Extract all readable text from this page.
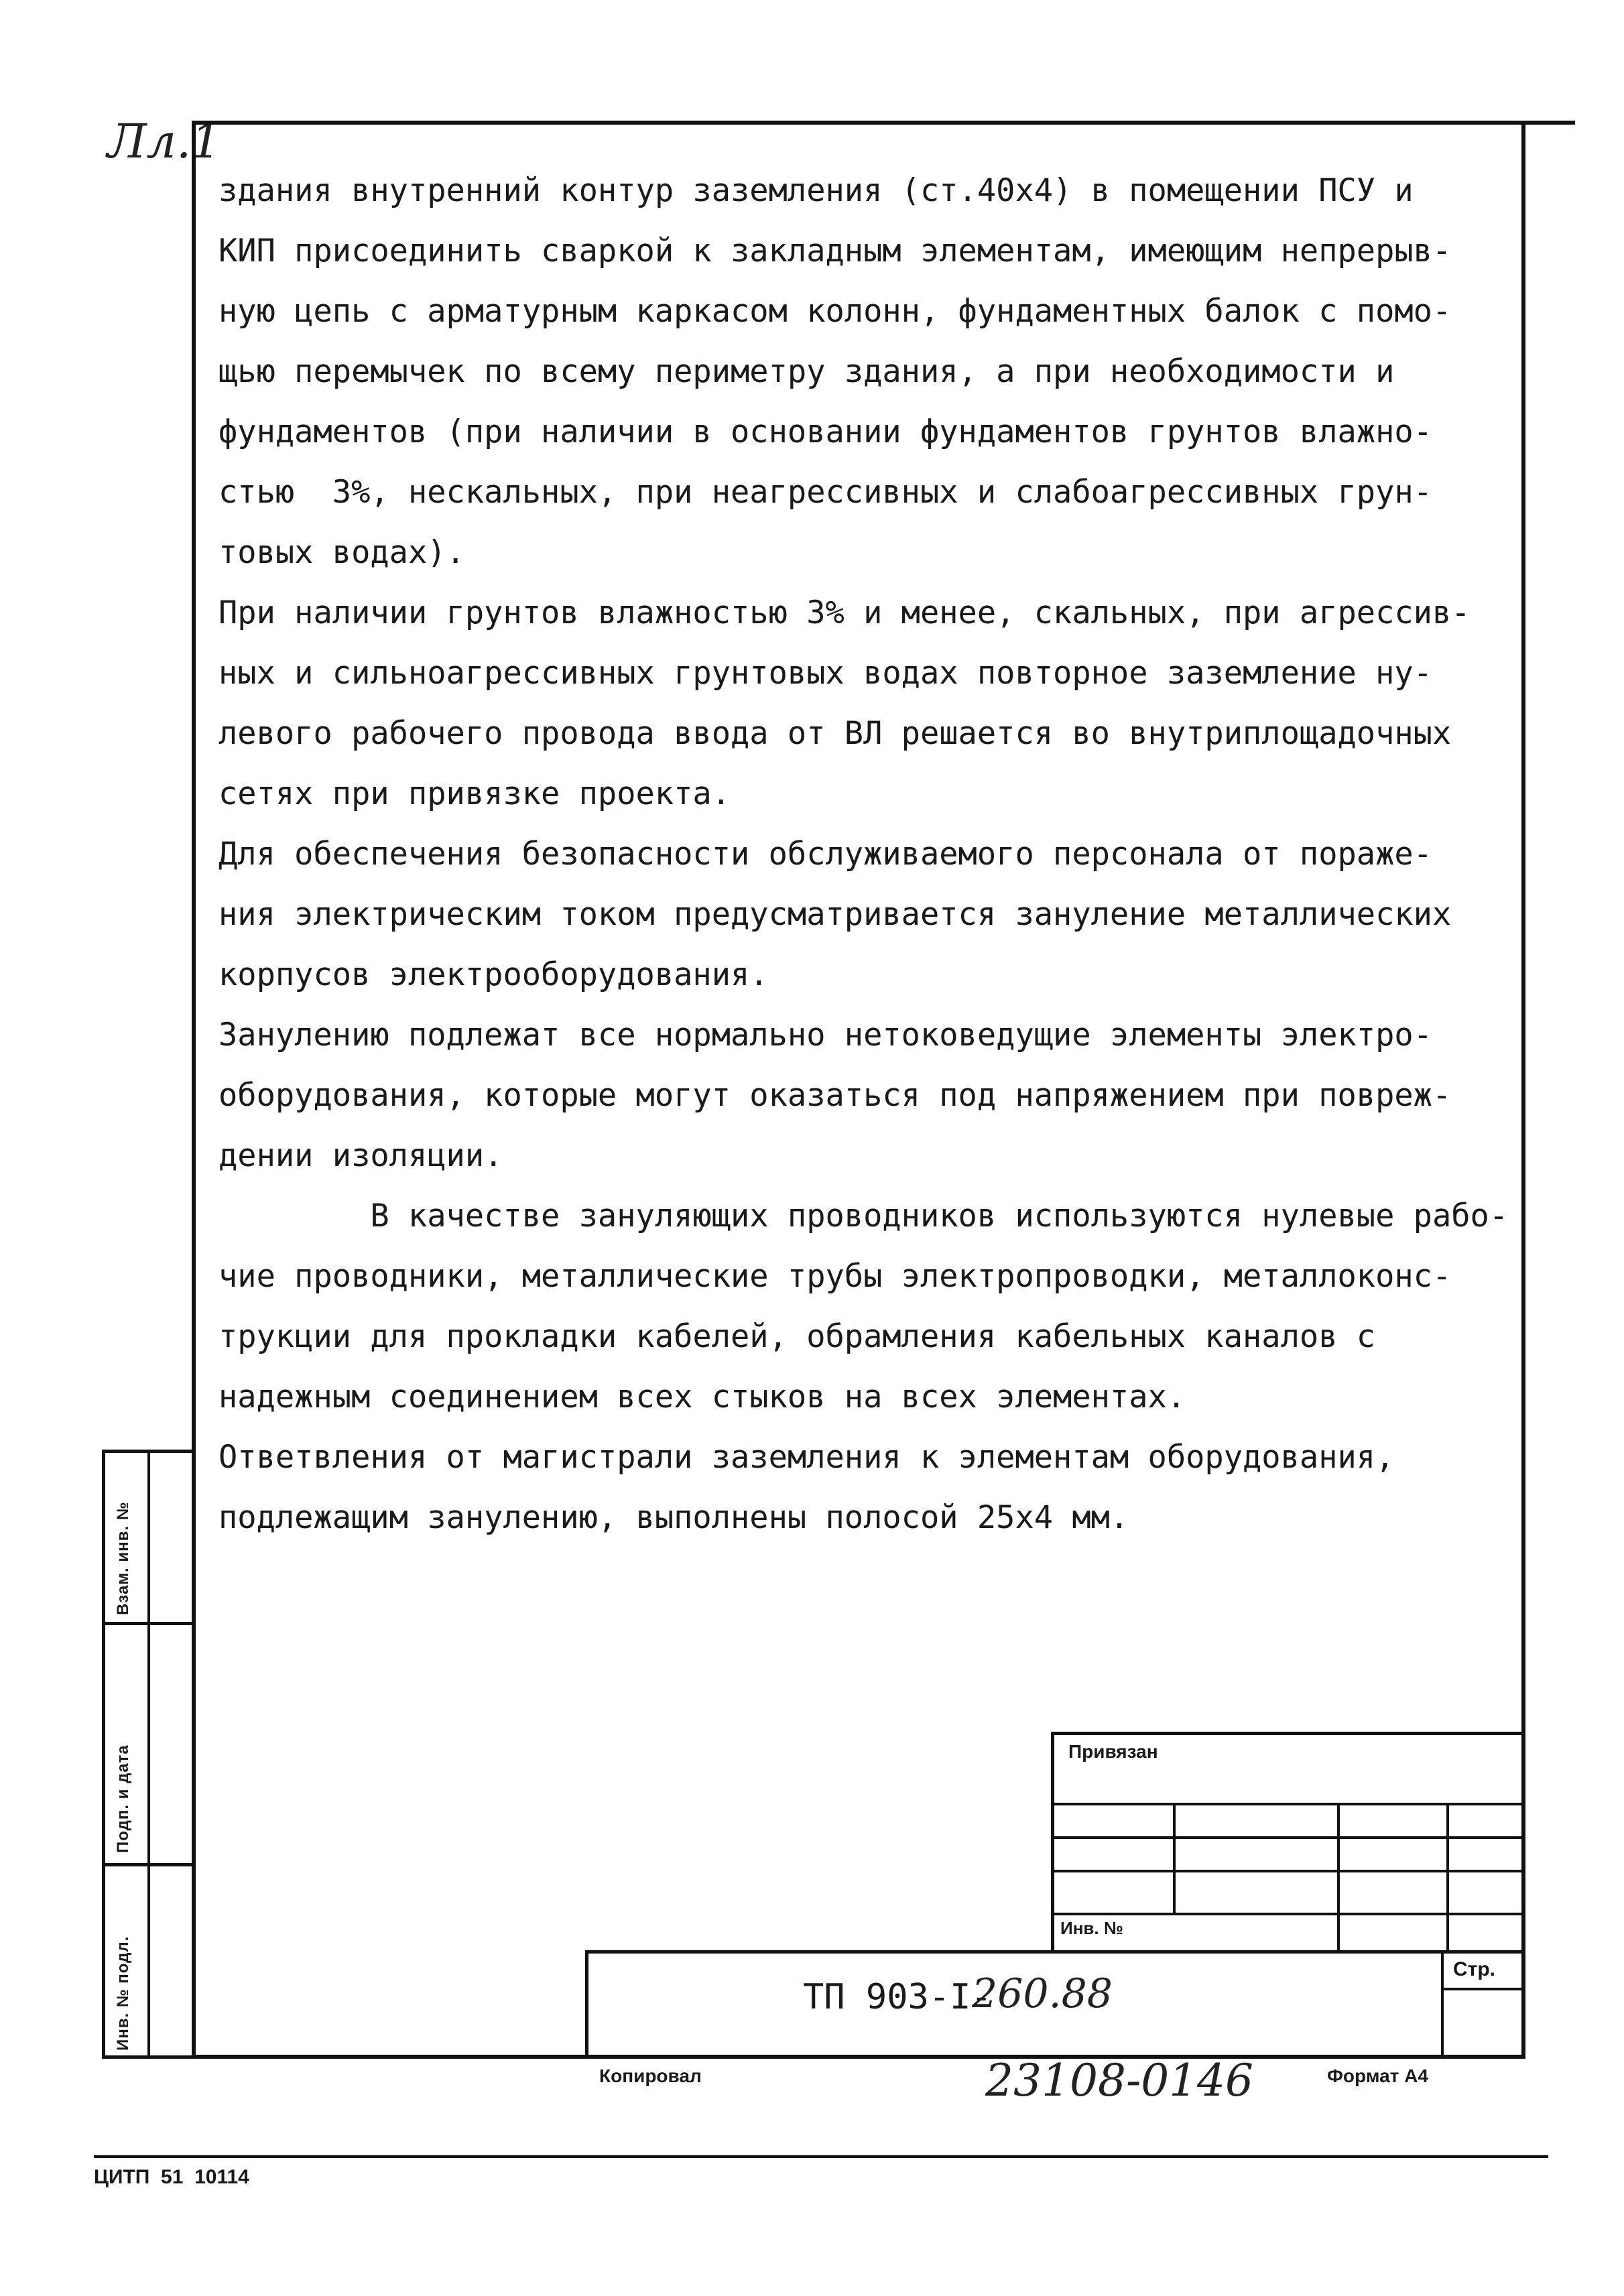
Лл.1
здания внутренний контур заземления (ст.40х4) в помещении ПСУ и
КИП присоединить сваркой к закладным элементам, имеющим непрерыв-
ную цепь с арматурным каркасом колонн, фундаментных балок с помо-
щью перемычек по всему периметру здания, а при необходимости и
фундаментов (при наличии в основании фундаментов грунтов влажно-
стью  3%, нескальных, при неагрессивных и слабоагрессивных грун-
товых водах).
При наличии грунтов влажностью 3% и менее, скальных, при агрессив-
ных и сильноагрессивных грунтовых водах повторное заземление ну-
левого рабочего провода ввода от ВЛ решается во внутриплощадочных
сетях при привязке проекта.
Для обеспечения безопасности обслуживаемого персонала от пораже-
ния электрическим током предусматривается зануление металлических
корпусов электрооборудования.
Занулению подлежат все нормально нетоковедущие элементы электро-
оборудования, которые могут оказаться под напряжением при повреж-
дении изоляции.
В качестве зануляющих проводников используются нулевые рабо-
чие проводники, металлические трубы электропроводки, металлоконс-
трукции для прокладки кабелей, обрамления кабельных каналов с
надежным соединением всех стыков на всех элементах.
Ответвления от магистрали заземления к элементам оборудования,
подлежащим занулению, выполнены полосой 25х4 мм.
Взам. инв. №
Подп. и дата
Инв. № подл.
Привязан
Инв. №
Стр.
ТП 903-I-
260.88
Копировал	23108-01 46	Формат А4
ЦИТП  51  10114
